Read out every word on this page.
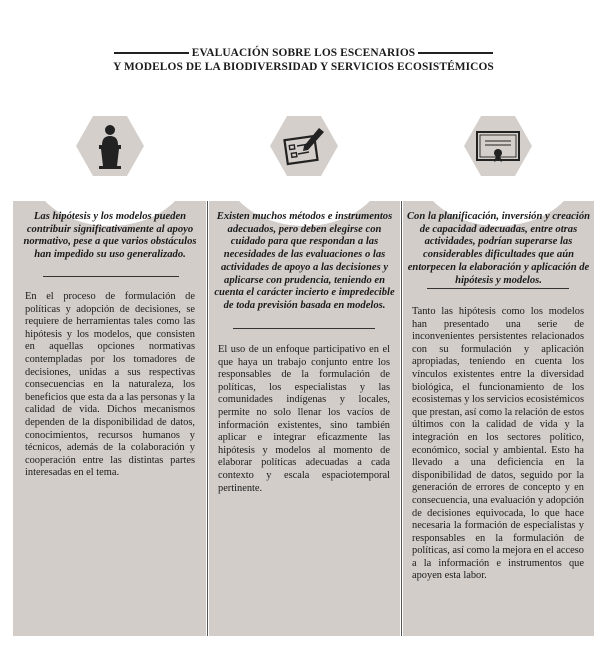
EVALUACIÓN SOBRE LOS ESCENARIOS
Y MODELOS DE LA BIODIVERSIDAD Y SERVICIOS ECOSISTÉMICOS
Las hipótesis y los modelos pueden contribuir significativamente al apoyo normativo, pese a que varios obstáculos han impedido su uso generalizado.
En el proceso de formulación de políticas y adopción de decisiones, se requiere de herramientas tales como las hipótesis y los modelos, que consisten en aquellas opciones normativas contempladas por los tomadores de decisiones, unidas a sus respectivas consecuencias en la naturaleza, los beneficios que esta da a las personas y la calidad de vida. Dichos mecanismos dependen de la disponibilidad de datos, conocimientos, recursos humanos y técnicos, además de la colaboración y cooperación entre las distintas partes interesadas en el tema.
Existen muchos métodos e instrumentos adecuados, pero deben elegirse con cuidado para que respondan a las necesidades de las evaluaciones o las actividades de apoyo a las decisiones y aplicarse con prudencia, teniendo en cuenta el carácter incierto e impredecible de toda previsión basada en modelos.
El uso de un enfoque participativo en el que haya un trabajo conjunto entre los responsables de la formulación de políticas, los especialistas y las comunidades indígenas y locales, permite no solo llenar los vacíos de información existentes, sino también aplicar e integrar eficazmente las hipótesis y modelos al momento de elaborar políticas adecuadas a cada contexto y escala espaciotemporal pertinente.
Con la planificación, inversión y creación de capacidad adecuadas, entre otras actividades, podrían superarse las considerables dificultades que aún entorpecen la elaboración y aplicación de hipótesis y modelos.
Tanto las hipótesis como los modelos han presentado una serie de inconvenientes persistentes relacionados con su formulación y aplicación apropiadas, teniendo en cuenta los vínculos existentes entre la diversidad biológica, el funcionamiento de los ecosistemas y los servicios ecosistémicos que prestan, así como la relación de estos últimos con la calidad de vida y la integración en los sectores político, económico, social y ambiental. Esto ha llevado a una deficiencia en la disponibilidad de datos, seguido por la generación de errores de concepto y en consecuencia, una evaluación y adopción de decisiones equivocada, lo que hace necesaria la formación de especialistas y responsables en la formulación de políticas, así como la mejora en el acceso a la información e instrumentos que apoyen esta labor.
